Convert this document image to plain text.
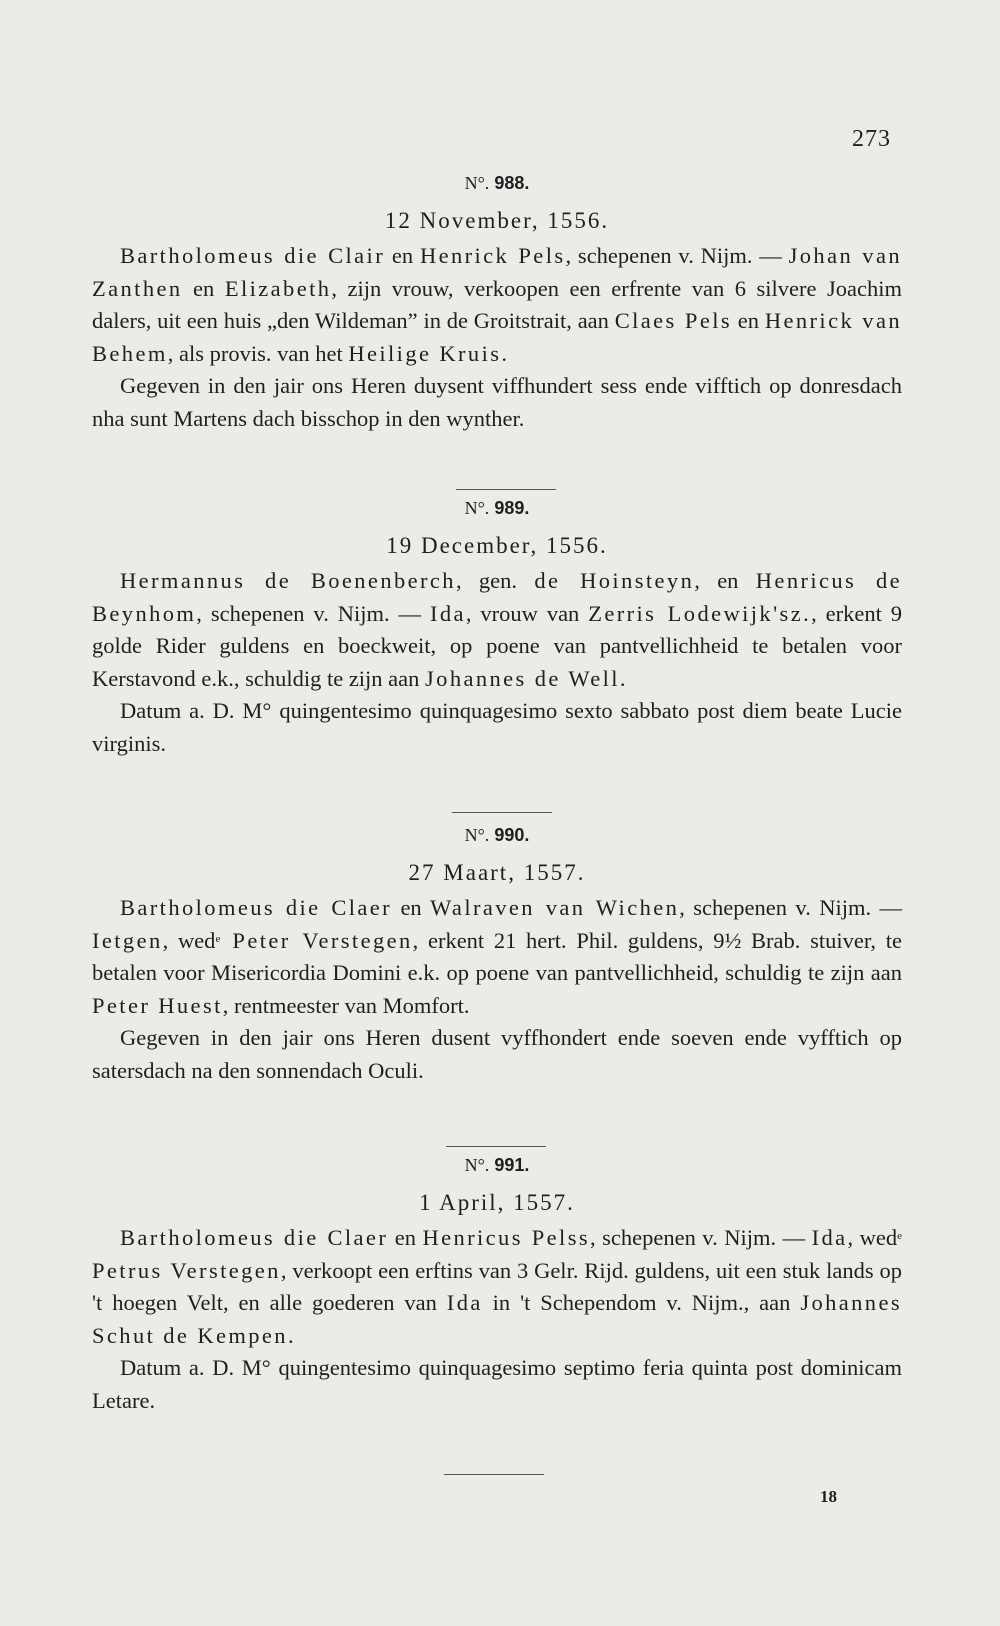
273
N°. 988.
12 November, 1556.
Bartholomeus die Clair en Henrick Pels, schepenen v. Nijm. — Johan van Zanthen en Elizabeth, zijn vrouw, verkoopen een erfrente van 6 silvere Joachim dalers, uit een huis „den Wildeman” in de Groitstrait, aan Claes Pels en Henrick van Behem, als provis. van het Heilige Kruis.
Gegeven in den jair ons Heren duysent viffhundert sess ende vifftich op donresdach nha sunt Martens dach bisschop in den wynther.
N°. 989.
19 December, 1556.
Hermannus de Boenenberch, gen. de Hoinsteyn, en Henricus de Beynhom, schepenen v. Nijm. — Ida, vrouw van Zerris Lodewijk'sz., erkent 9 golde Rider guldens en boeckweit, op poene van pantvellichheid te betalen voor Kerstavond e.k., schuldig te zijn aan Johannes de Well.
Datum a. D. M° quingentesimo quinquagesimo sexto sabbato post diem beate Lucie virginis.
N°. 990.
27 Maart, 1557.
Bartholomeus die Claer en Walraven van Wichen, schepenen v. Nijm. — Ietgen, wed$^e$ Peter Verstegen, erkent 21 hert. Phil. guldens, 9½ Brab. stuiver, te betalen voor Misericordia Domini e.k. op poene van pantvellichheid, schuldig te zijn aan Peter Huest, rentmeester van Momfort.
Gegeven in den jair ons Heren dusent vyffhondert ende soeven ende vyfftich op satersdach na den sonnendach Oculi.
N°. 991.
1 April, 1557.
Bartholomeus die Claer en Henricus Pelss, schepenen v. Nijm. — Ida, wed$^e$ Petrus Verstegen, verkoopt een erftins van 3 Gelr. Rijd. guldens, uit een stuk lands op 't hoegen Velt, en alle goederen van Ida in 't Schependom v. Nijm., aan Johannes Schut de Kempen.
Datum a. D. M° quingentesimo quinquagesimo septimo feria quinta post dominicam Letare.
18
